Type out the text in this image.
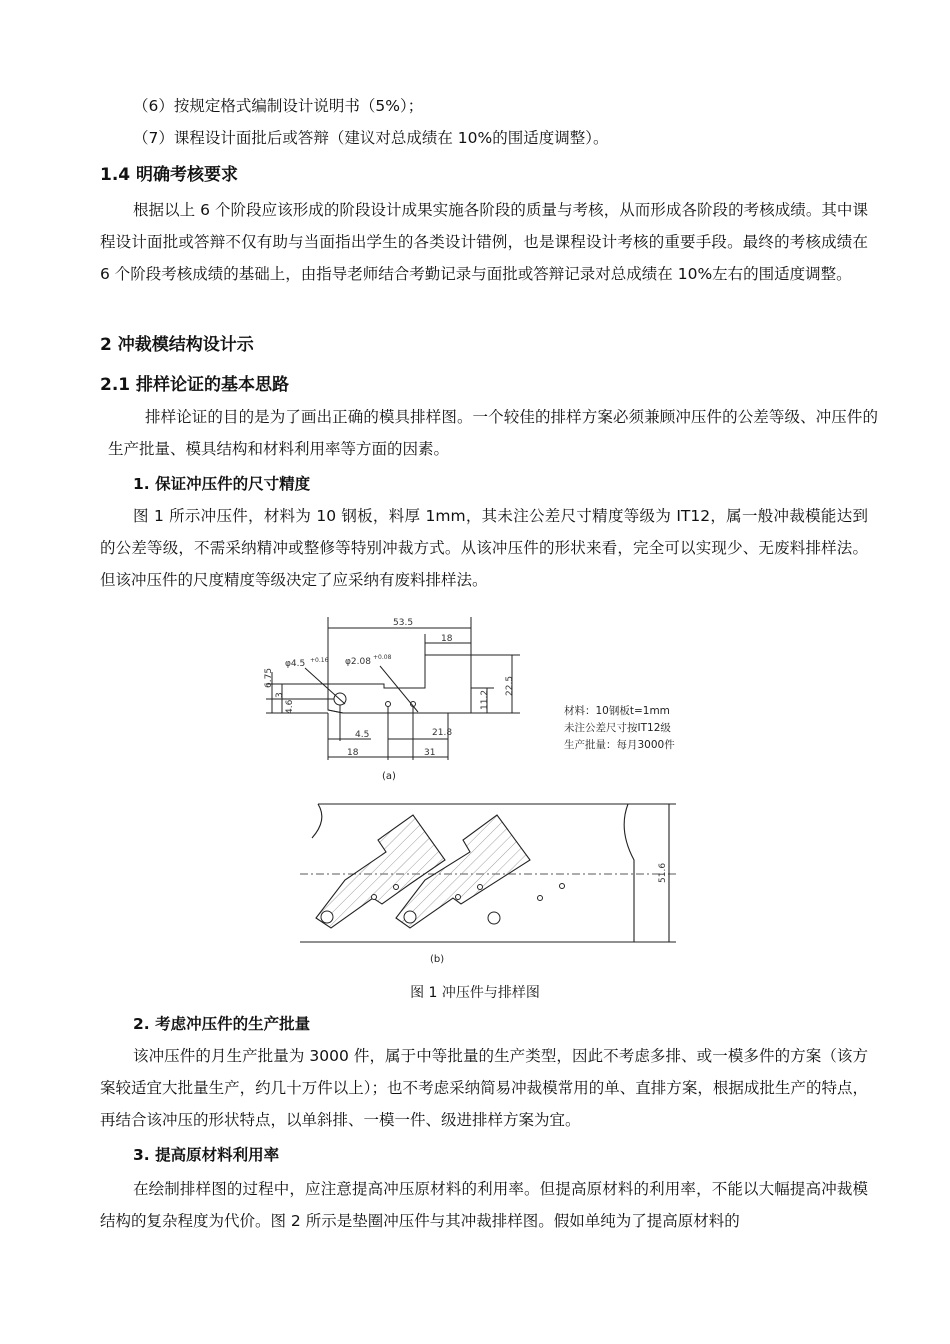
（6）按规定格式编制设计说明书（5%）；

（7）课程设计面批后或答辩（建议对总成绩在 10%的围适度调整）。

1.4 明确考核要求

根据以上 6 个阶段应该形成的阶段设计成果实施各阶段的质量与考核，从而形成各阶段的考核成绩。其中课程设计面批或答辩不仅有助与当面指出学生的各类设计错例，也是课程设计考核的重要手段。最终的考核成绩在 6 个阶段考核成绩的基础上，由指导老师结合考勤记录与面批或答辩记录对总成绩在 10%左右的围适度调整。

2 冲裁模结构设计示
2.1 排样论证的基本思路

排样论证的目的是为了画出正确的模具排样图。一个较佳的排样方案必须兼顾冲压件的公差等级、冲压件的生产批量、模具结构和材料利用率等方面的因素。

1. 保证冲压件的尺寸精度

图 1 所示冲压件，材料为 10 钢板，料厚 1mm，其未注公差尺寸精度等级为 IT12，属一般冲裁模能达到的公差等级，不需采纳精冲或整修等特别冲裁方式。从该冲压件的形状来看，完全可以实现少、无废料排样法。但该冲压件的尺度精度等级决定了应采纳有废料排样法。

53.5
18
6.75
4.6
3	11.2
22.5
4.5	21.8
18	31
φ4.5 +0.16 φ2.08 +0.08
材料：10钢板t=1mm
未注公差尺寸按IT12级
生产批量：每月3000件
(a)
51.6
(b)
图 1 冲压件与排样图
2. 考虑冲压件的生产批量

该冲压件的月生产批量为 3000 件，属于中等批量的生产类型，因此不考虑多排、或一模多件的方案（该方案较适宜大批量生产，约几十万件以上）；也不考虑采纳简易冲裁模常用的单、直排方案，根据成批生产的特点，再结合该冲压的形状特点，以单斜排、一模一件、级进排样方案为宜。

3. 提高原材料利用率

在绘制排样图的过程中，应注意提高冲压原材料的利用率。但提高原材料的利用率，不能以大幅提高冲裁模结构的复杂程度为代价。图 2 所示是垫圈冲压件与其冲裁排样图。假如单纯为了提高原材料的
